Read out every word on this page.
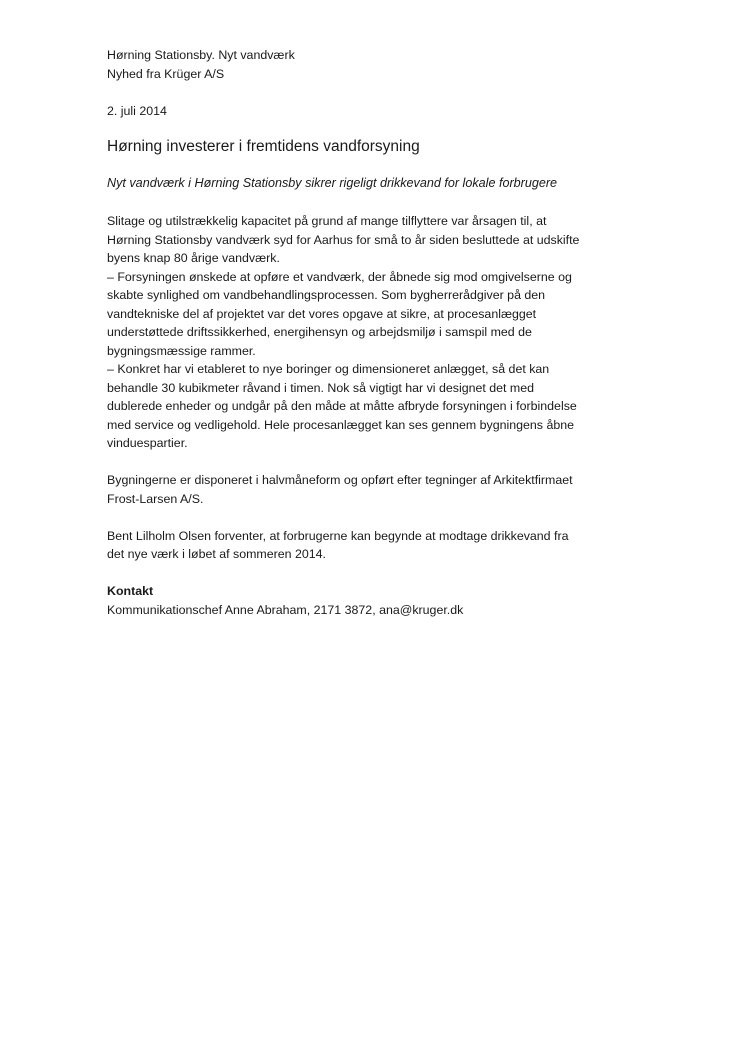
Hørning Stationsby. Nyt vandværk

Nyhed fra Krüger A/S

2. juli 2014

Hørning investerer i fremtidens vandforsyning

Nyt vandværk i Hørning Stationsby sikrer rigeligt drikkevand for lokale forbrugere

Slitage og utilstrækkelig kapacitet på grund af mange tilflyttere var årsagen til, at

Hørning Stationsby vandværk syd for Aarhus for små to år siden besluttede at udskifte

byens knap 80 årige vandværk.

– Forsyningen ønskede at opføre et vandværk, der åbnede sig mod omgivelserne og

skabte synlighed om vandbehandlingsprocessen. Som bygherrerådgiver på den

vandtekniske del af projektet var det vores opgave at sikre, at procesanlægget

understøttede driftssikkerhed, energihensyn og arbejdsmiljø i samspil med de

bygningsmæssige rammer.

– Konkret har vi etableret to nye boringer og dimensioneret anlægget, så det kan

behandle 30 kubikmeter råvand i timen. Nok så vigtigt har vi designet det med

dublerede enheder og undgår på den måde at måtte afbryde forsyningen i forbindelse

med service og vedligehold. Hele procesanlægget kan ses gennem bygningens åbne

vinduespartier.

Bygningerne er disponeret i halvmåneform og opført efter tegninger af Arkitektfirmaet

Frost-Larsen A/S.

Bent Lilholm Olsen forventer, at forbrugerne kan begynde at modtage drikkevand fra

det nye værk i løbet af sommeren 2014.

Kontakt

Kommunikationschef Anne Abraham, 2171 3872, ana@kruger.dk
